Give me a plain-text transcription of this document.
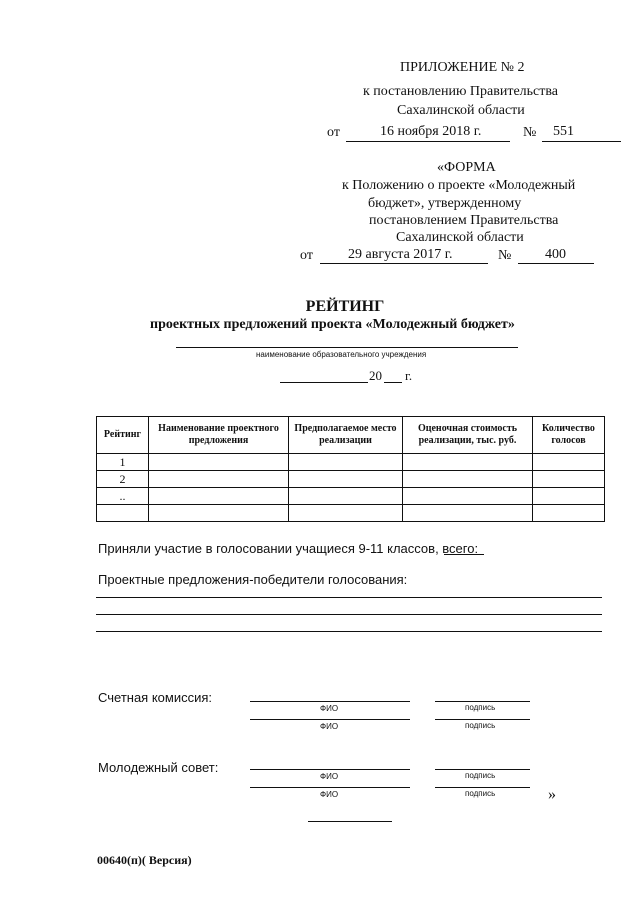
ПРИЛОЖЕНИЕ № 2
к постановлению Правительства
Сахалинской области
от	16 ноября 2018 г.	№ 551
«ФОРМА
к Положению о проекте «Молодежный
бюджет», утвержденному
постановлением Правительства
Сахалинской области
от	29 августа 2017 г.	№ 400
РЕЙТИНГ
проектных предложений проекта «Молодежный бюджет»
наименование образовательного учреждения
20 г.
Рейтинг	Наименование проектного предложения	Предполагаемое место реализации	Оценочная стоимость реализации, тыс. руб.	Количество голосов
1				
2				
..				

Приняли участие в голосовании учащиеся 9-11 классов, всего:
Проектные предложения-победители голосования:
Счетная комиссия:
ФИО	подпись
ФИО	подпись
Молодежный совет:
ФИО	подпись
ФИО	подпись	»
00640(п)( Версия)
